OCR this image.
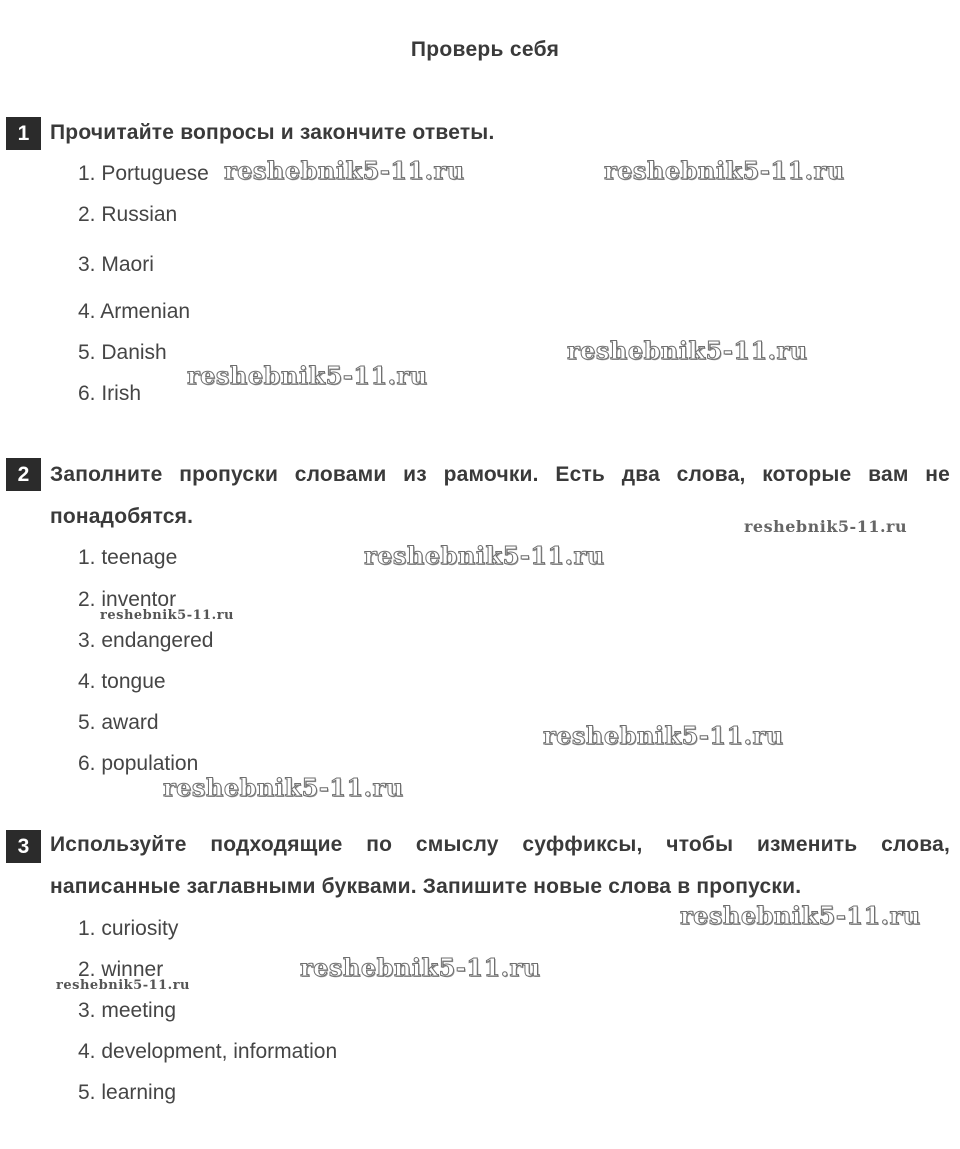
Проверь себя
1 Прочитайте вопросы и закончите ответы.
1. Portuguese
2. Russian
3. Maori
4. Armenian
5. Danish
6. Irish
2 Заполните пропуски словами из рамочки. Есть два слова, которые вам не понадобятся.
1. teenage
2. inventor
3. endangered
4. tongue
5. award
6. population
3 Используйте подходящие по смыслу суффиксы, чтобы изменить слова, написанные заглавными буквами. Запишите новые слова в пропуски.
1. curiosity
2. winner
3. meeting
4. development, information
5. learning
reshebnik5-11.ru	reshebnik5-11.ru
reshebnik5-11.ru
reshebnik5-11.ru
reshebnik5-11.ru
reshebnik5-11.ru
reshebnik5-11.ru
reshebnik5-11.ru
reshebnik5-11.ru
reshebnik5-11.ru
reshebnik5-11.ru
reshebnik5-11.ru
